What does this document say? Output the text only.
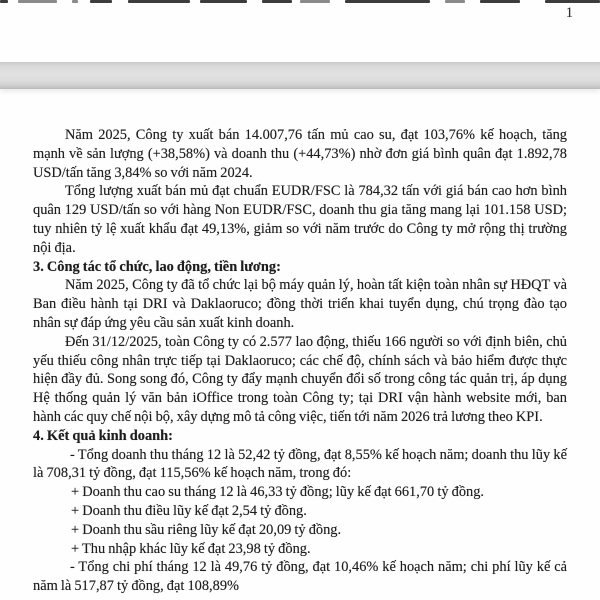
1

Năm 2025, Công ty xuất bán 14.007,76 tấn mủ cao su, đạt 103,76% kế hoạch, tăng mạnh về sản lượng (+38,58%) và doanh thu (+44,73%) nhờ đơn giá bình quân đạt 1.892,78 USD/tấn tăng 3,84% so với năm 2024.

Tổng lượng xuất bán mủ đạt chuẩn EUDR/FSC là 784,32 tấn với giá bán cao hơn bình quân 129 USD/tấn so với hàng Non EUDR/FSC, doanh thu gia tăng mang lại 101.158 USD; tuy nhiên tỷ lệ xuất khẩu đạt 49,13%, giảm so với năm trước do Công ty mở rộng thị trường nội địa.

3. Công tác tổ chức, lao động, tiền lương:

Năm 2025, Công ty đã tổ chức lại bộ máy quản lý, hoàn tất kiện toàn nhân sự HĐQT và Ban điều hành tại DRI và Daklaoruco; đồng thời triển khai tuyển dụng, chú trọng đào tạo nhân sự đáp ứng yêu cầu sản xuất kinh doanh.

Đến 31/12/2025, toàn Công ty có 2.577 lao động, thiếu 166 người so với định biên, chủ yếu thiếu công nhân trực tiếp tại Daklaoruco; các chế độ, chính sách và bảo hiểm được thực hiện đầy đủ. Song song đó, Công ty đẩy mạnh chuyển đổi số trong công tác quản trị, áp dụng Hệ thống quản lý văn bản iOffice trong toàn Công ty; tại DRI vận hành website mới, ban hành các quy chế nội bộ, xây dựng mô tả công việc, tiến tới năm 2026 trả lương theo KPI.

4. Kết quả kinh doanh:

- Tổng doanh thu tháng 12 là 52,42 tỷ đồng, đạt 8,55% kế hoạch năm; doanh thu lũy kế là 708,31 tỷ đồng, đạt 115,56% kế hoạch năm, trong đó:

+ Doanh thu cao su tháng 12 là 46,33 tỷ đồng; lũy kế đạt 661,70 tỷ đồng.

+ Doanh thu điều lũy kế đạt 2,54 tỷ đồng.

+ Doanh thu sầu riêng lũy kế đạt 20,09 tỷ đồng.

+ Thu nhập khác lũy kế đạt 23,98 tỷ đồng.

- Tổng chi phí tháng 12 là 49,76 tỷ đồng, đạt 10,46% kế hoạch năm; chi phí lũy kế cả năm là 517,87 tỷ đồng, đạt 108,89%
